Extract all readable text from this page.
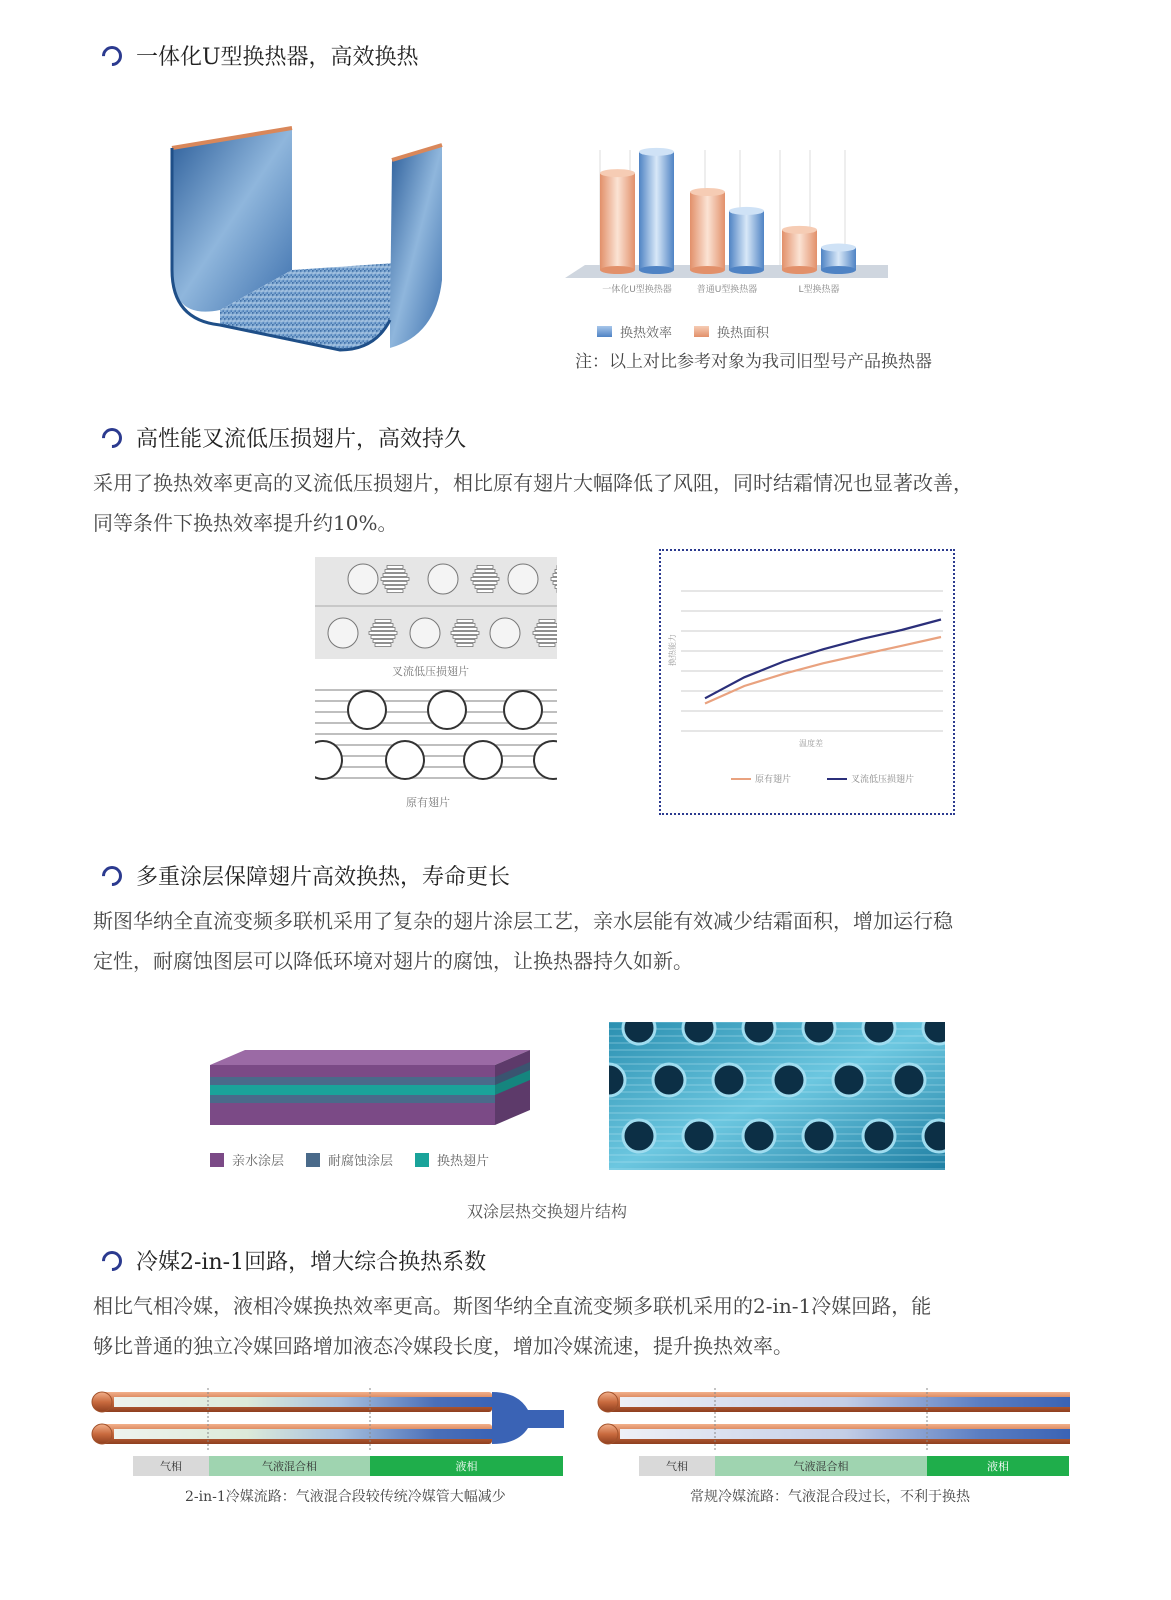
一体化U型换热器，高效换热
一体化U型换热器	普通U型换热器	L型换热器
换热效率	换热面积
注：以上对比参考对象为我司旧型号产品换热器
高性能叉流低压损翅片，高效持久
采用了换热效率更高的叉流低压损翅片，相比原有翅片大幅降低了风阻，同时结霜情况也显著改善，
同等条件下换热效率提升约10%。
叉流低压损翅片
原有翅片
换热能力
温度差
原有翅片	叉流低压损翅片
多重涂层保障翅片高效换热，寿命更长
斯图华纳全直流变频多联机采用了复杂的翅片涂层工艺，亲水层能有效减少结霜面积，增加运行稳
定性，耐腐蚀图层可以降低环境对翅片的腐蚀，让换热器持久如新。
亲水涂层	耐腐蚀涂层	换热翅片
双涂层热交换翅片结构
冷媒2-in-1回路，增大综合换热系数
相比气相冷媒，液相冷媒换热效率更高。斯图华纳全直流变频多联机采用的2-in-1冷媒回路，能
够比普通的独立冷媒回路增加液态冷媒段长度，增加冷媒流速，提升换热效率。
气相	气液混合相	液相
2-in-1冷媒流路：气液混合段较传统冷媒管大幅减少
气相	气液混合相	液相
常规冷媒流路：气液混合段过长，不利于换热
